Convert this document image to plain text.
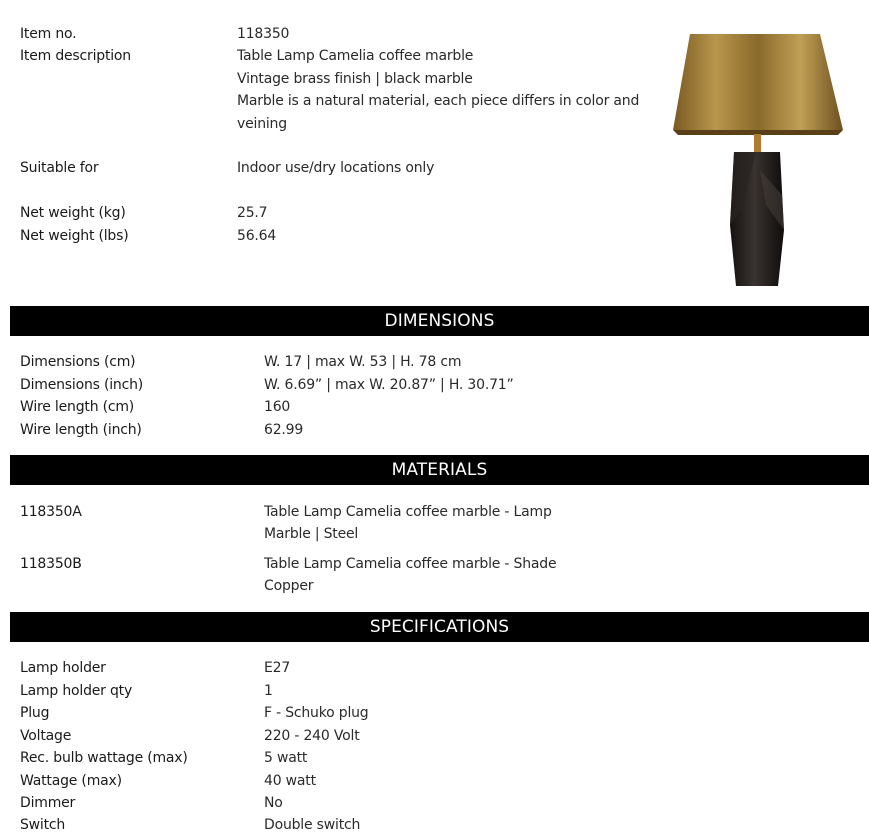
Item no.	118350
Item description	Table Lamp Camelia coffee marble
Vintage brass finish | black marble
Marble is a natural material, each piece differs in color and
veining
Suitable for	Indoor use/dry locations only
Net weight (kg)	25.7
Net weight (lbs)	56.64
DIMENSIONS
Dimensions (cm)	W. 17 | max W. 53 | H. 78 cm
Dimensions (inch)	W. 6.69” | max W. 20.87” | H. 30.71”
Wire length (cm)	160
Wire length (inch)	62.99
MATERIALS
118350A	Table Lamp Camelia coffee marble - Lamp
Marble | Steel
118350B	Table Lamp Camelia coffee marble - Shade
Copper
SPECIFICATIONS
Lamp holder	E27
Lamp holder qty	1
Plug	F - Schuko plug
Voltage	220 - 240 Volt
Rec. bulb wattage (max)	5 watt
Wattage (max)	40 watt
Dimmer	No
Switch	Double switch
